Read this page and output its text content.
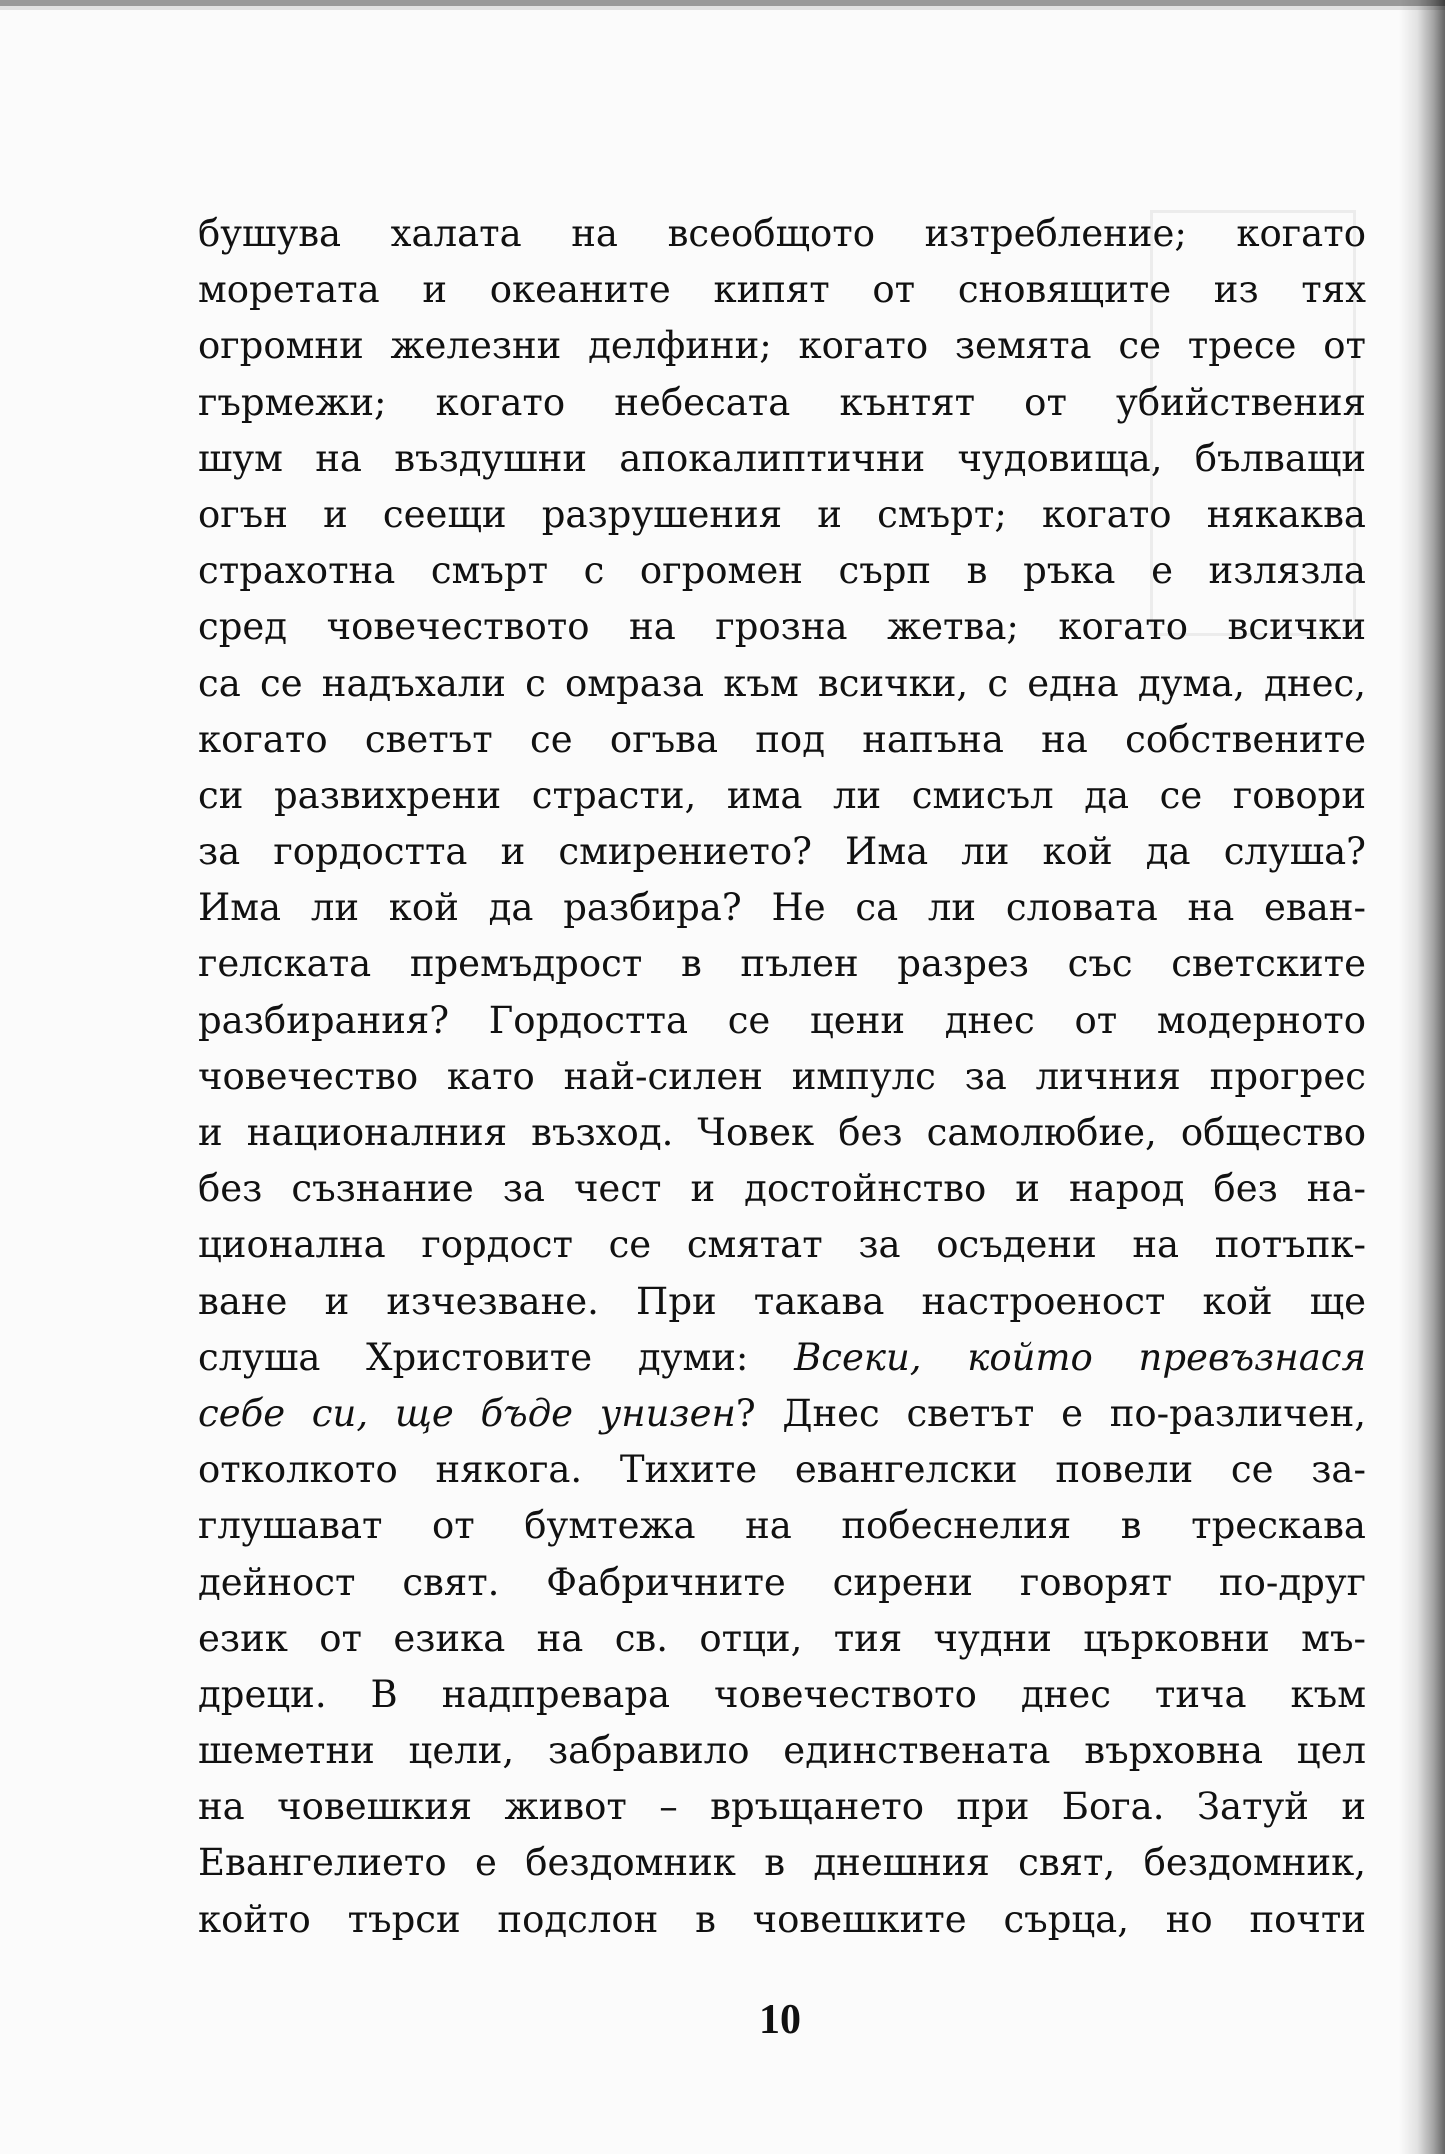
бушува халата на всеобщото изтребление; когато
моретата и океаните кипят от сновящите из тях
огромни железни делфини; когато земята се тресе от
гърмежи; когато небесата кънтят от убийствения
шум на въздушни апокалиптични чудовища, бълващи
огън и сеещи разрушения и смърт; когато някаква
страхотна смърт с огромен сърп в ръка е излязла
сред човечеството на грозна жетва; когато всички
са се надъхали с омраза към всички, с една дума, днес,
когато светът се огъва под напъна на собствените
си развихрени страсти, има ли смисъл да се говори
за гордостта и смирението? Има ли кой да слуша?
Има ли кой да разбира? Не са ли словата на еван-
гелската премъдрост в пълен разрез със светските
разбирания? Гордостта се цени днес от модерното
човечество като най-силен импулс за личния прогрес
и националния възход. Човек без самолюбие, общество
без съзнание за чест и достойнство и народ без на-
ционална гордост се смятат за осъдени на потъпк-
ване и изчезване. При такава настроеност кой ще
слуша Христовите думи: Всеки, който превъзнася
себе си, ще бъде унизен? Днес светът е по-различен,
отколкото някога. Тихите евангелски повели се за-
глушават от бумтежа на побеснелия в трескава
дейност свят. Фабричните сирени говорят по-друг
език от езика на св. отци, тия чудни църковни мъ-
дреци. В надпревара човечеството днес тича към
шеметни цели, забравило единствената върховна цел
на човешкия живот – връщането при Бога. Затуй и
Евангелието е бездомник в днешния свят, бездомник,
който търси подслон в човешките сърца, но почти
10
